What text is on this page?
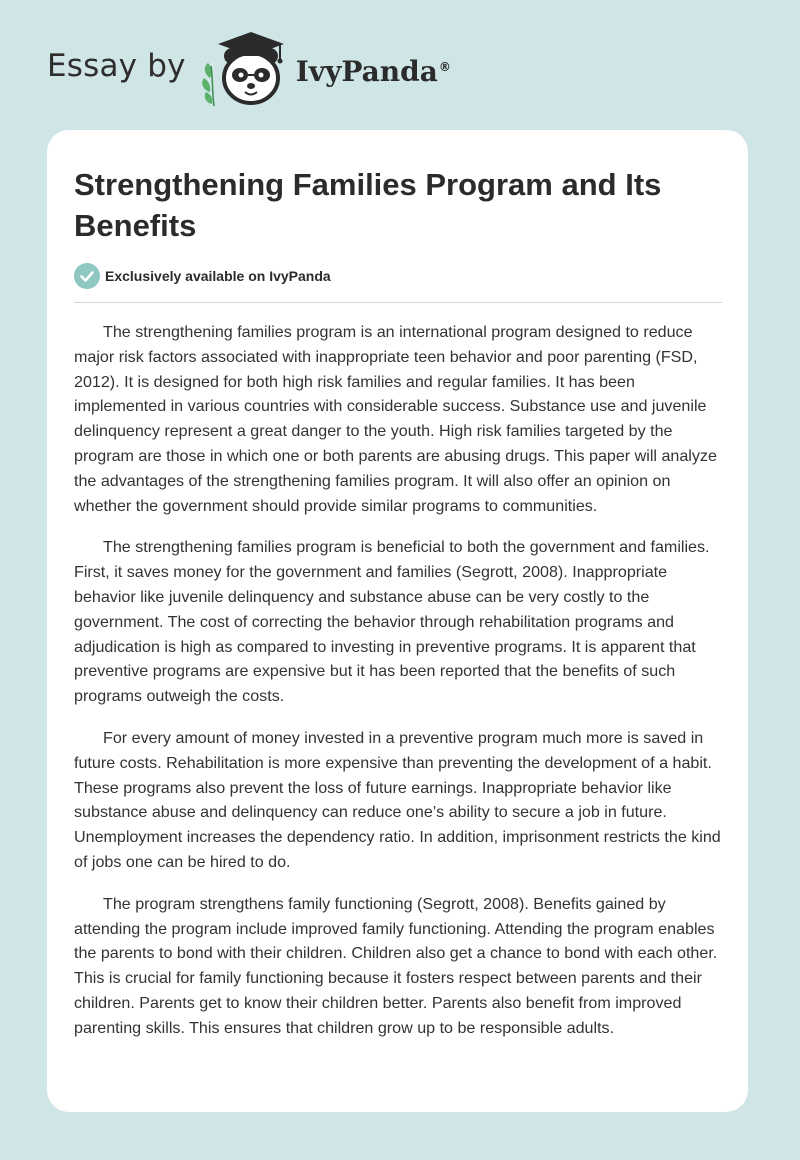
Essay by	IvyPanda®
Strengthening Families Program and Its Benefits
Exclusively available on IvyPanda

The strengthening families program is an international program designed to reduce major risk factors associated with inappropriate teen behavior and poor parenting (FSD, 2012). It is designed for both high risk families and regular families. It has been implemented in various countries with considerable success. Substance use and juvenile delinquency represent a great danger to the youth. High risk families targeted by the program are those in which one or both parents are abusing drugs. This paper will analyze the advantages of the strengthening families program. It will also offer an opinion on whether the government should provide similar programs to communities.

The strengthening families program is beneficial to both the government and families. First, it saves money for the government and families (Segrott, 2008). Inappropriate behavior like juvenile delinquency and substance abuse can be very costly to the government. The cost of correcting the behavior through rehabilitation programs and adjudication is high as compared to investing in preventive programs. It is apparent that preventive programs are expensive but it has been reported that the benefits of such programs outweigh the costs.

For every amount of money invested in a preventive program much more is saved in future costs. Rehabilitation is more expensive than preventing the development of a habit. These programs also prevent the loss of future earnings. Inappropriate behavior like substance abuse and delinquency can reduce one’s ability to secure a job in future. Unemployment increases the dependency ratio. In addition, imprisonment restricts the kind of jobs one can be hired to do.

The program strengthens family functioning (Segrott, 2008). Benefits gained by attending the program include improved family functioning. Attending the program enables the parents to bond with their children. Children also get a chance to bond with each other. This is crucial for family functioning because it fosters respect between parents and their children. Parents get to know their children better. Parents also benefit from improved parenting skills. This ensures that children grow up to be responsible adults.
